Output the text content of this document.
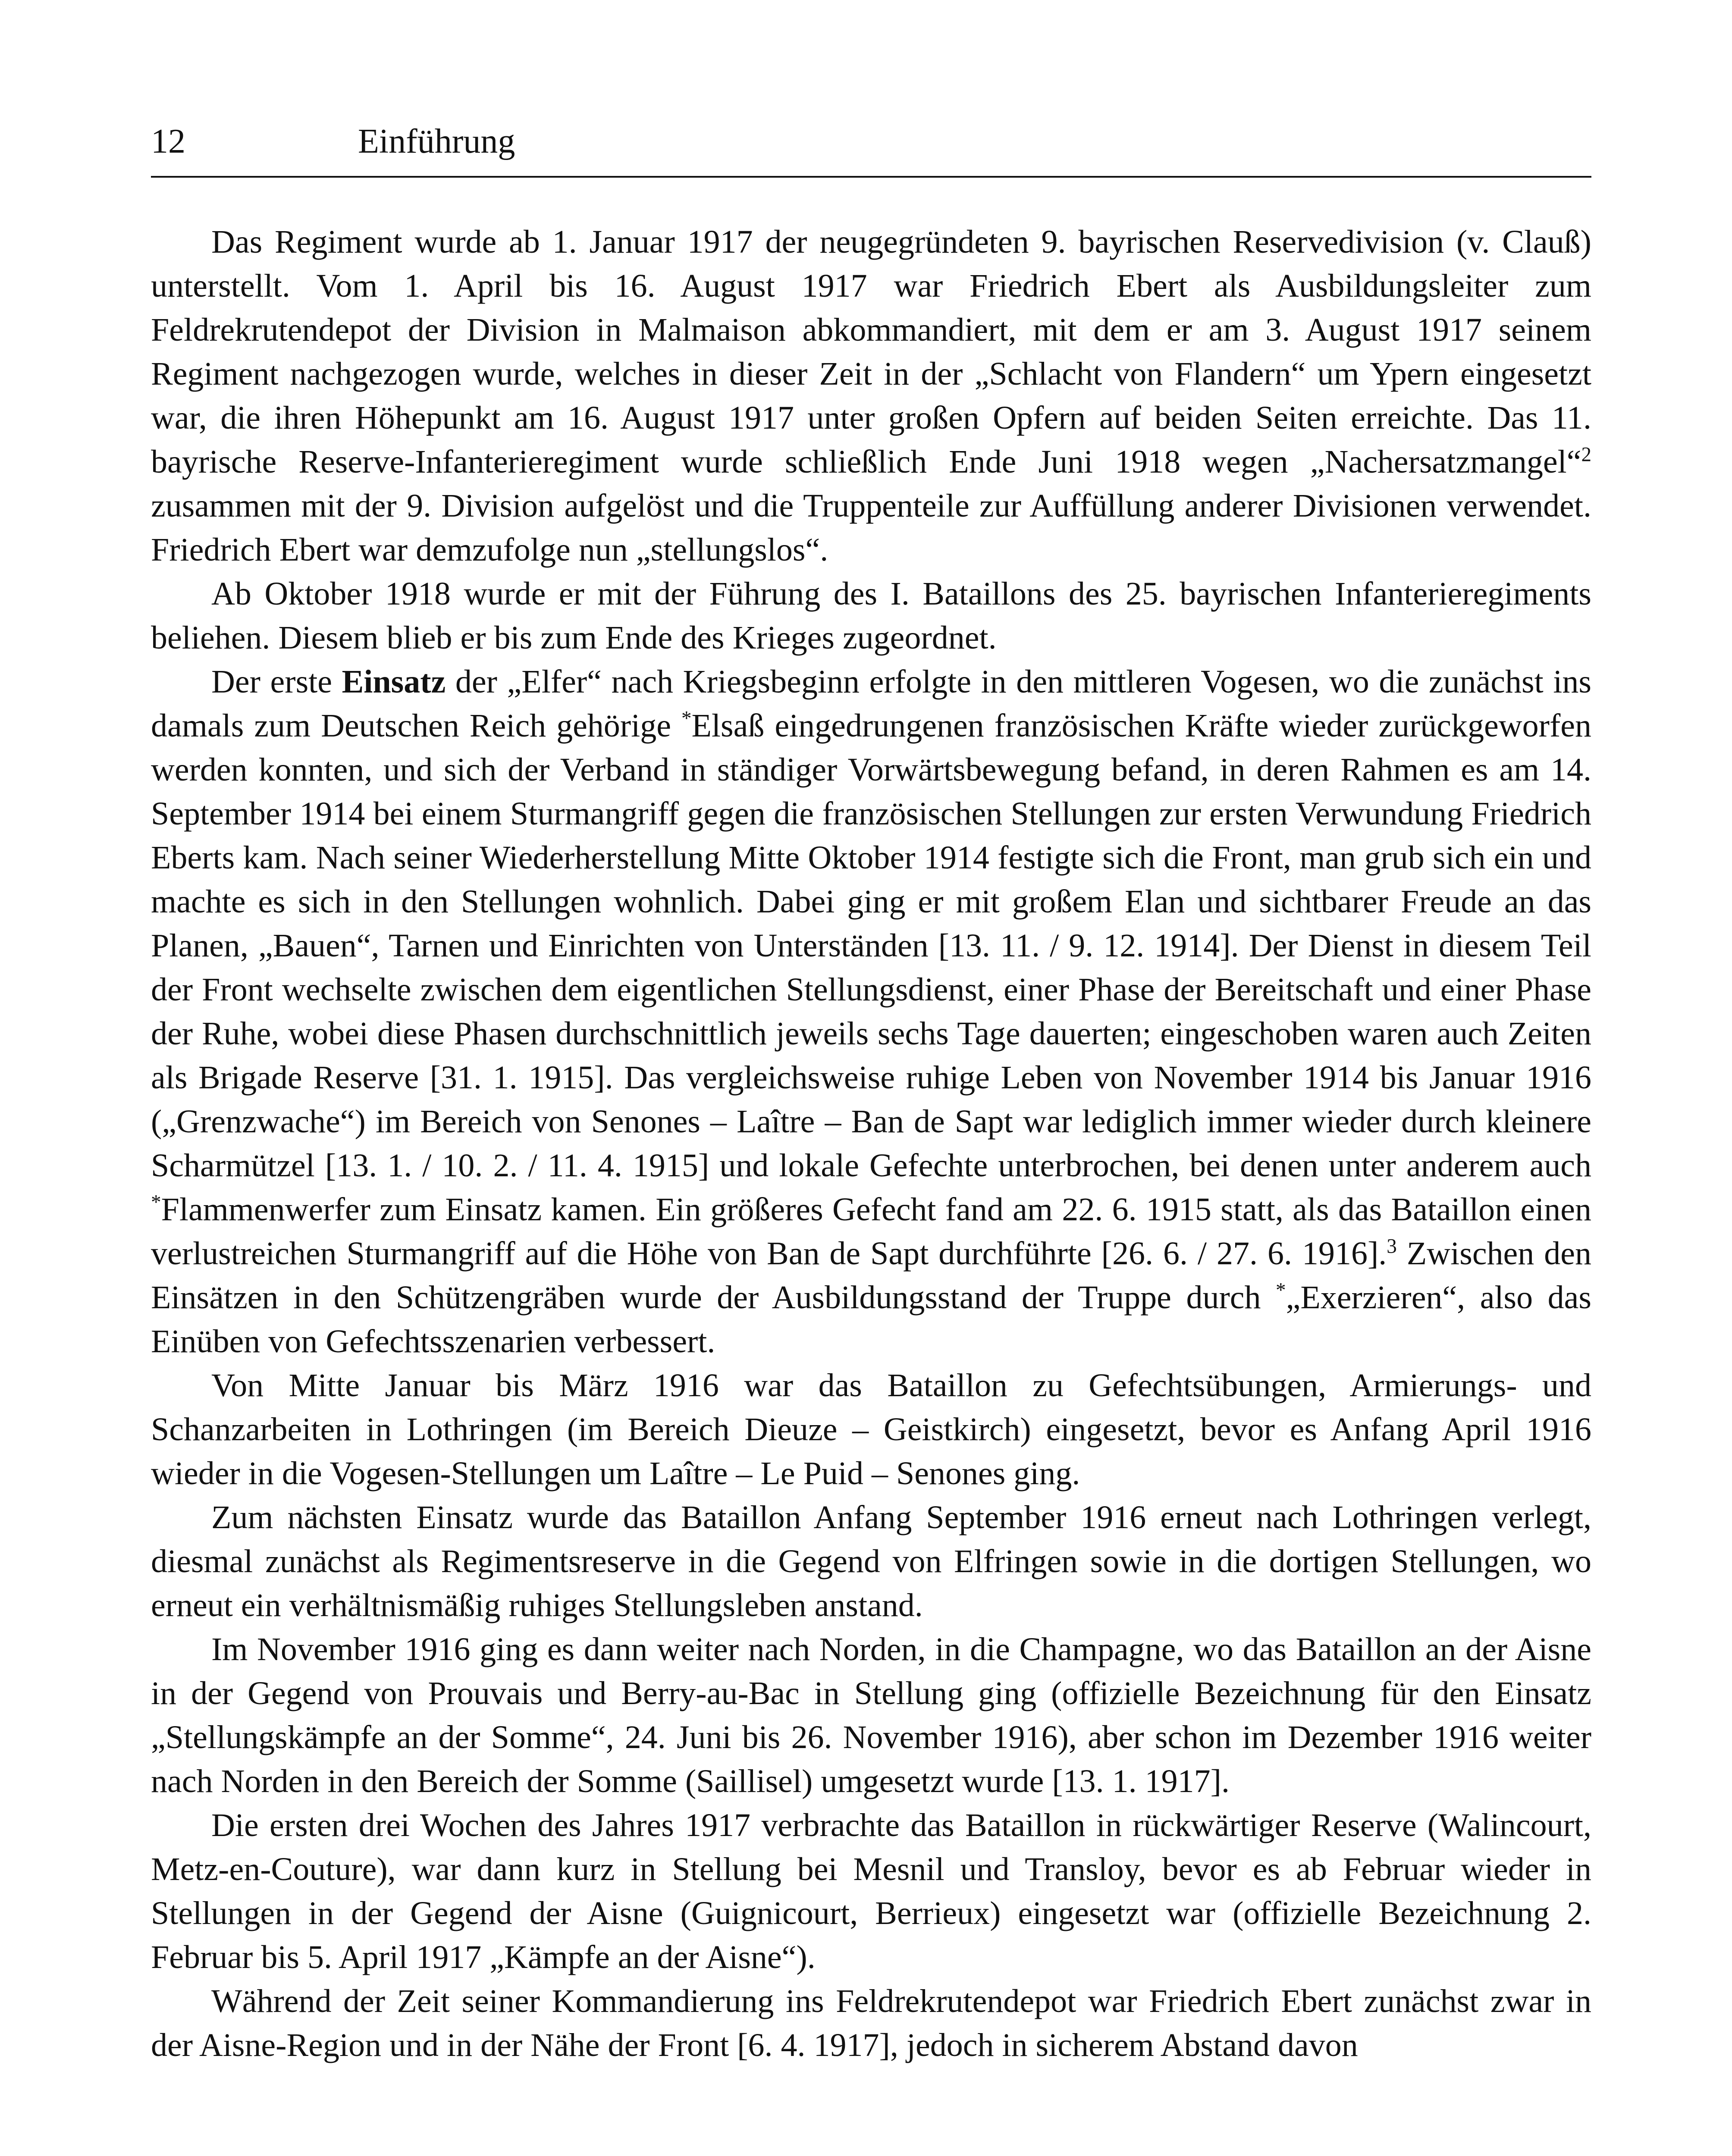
12	Einführung

Das Regiment wurde ab 1. Januar 1917 der neugegründeten 9. bayrischen Reservedivision (v. Clauß) unterstellt. Vom 1. April bis 16. August 1917 war Friedrich Ebert als Ausbildungsleiter zum Feldrekrutendepot der Division in Malmaison abkommandiert, mit dem er am 3. August 1917 seinem Regiment nachgezogen wurde, welches in dieser Zeit in der „Schlacht von Flandern“ um Ypern eingesetzt war, die ihren Höhepunkt am 16. August 1917 unter großen Opfern auf beiden Seiten erreichte. Das 11. bayrische Reserve-Infanterieregiment wurde schließlich Ende Juni 1918 wegen „Nachersatzmangel“$^2$ zusammen mit der 9. Division aufgelöst und die Truppenteile zur Auffüllung anderer Divisionen verwendet. Friedrich Ebert war demzufolge nun „stellungslos“.

Ab Oktober 1918 wurde er mit der Führung des I. Bataillons des 25. bayrischen Infanterieregiments beliehen. Diesem blieb er bis zum Ende des Krieges zugeordnet.

Der erste Einsatz der „Elfer“ nach Kriegsbeginn erfolgte in den mittleren Vogesen, wo die zunächst ins damals zum Deutschen Reich gehörige *Elsaß eingedrungenen französischen Kräfte wieder zurückgeworfen werden konnten, und sich der Verband in ständiger Vorwärtsbewegung befand, in deren Rahmen es am 14. September 1914 bei einem Sturmangriff gegen die französischen Stellungen zur ersten Verwundung Friedrich Eberts kam. Nach seiner Wiederherstellung Mitte Oktober 1914 festigte sich die Front, man grub sich ein und machte es sich in den Stellungen wohnlich. Dabei ging er mit großem Elan und sichtbarer Freude an das Planen, „Bauen“, Tarnen und Einrichten von Unterständen [13. 11. / 9. 12. 1914]. Der Dienst in diesem Teil der Front wechselte zwischen dem eigentlichen Stellungsdienst, einer Phase der Bereitschaft und einer Phase der Ruhe, wobei diese Phasen durchschnittlich jeweils sechs Tage dauerten; eingeschoben waren auch Zeiten als Brigade Reserve [31. 1. 1915]. Das vergleichsweise ruhige Leben von November 1914 bis Januar 1916 („Grenzwache“) im Bereich von Senones – Laître – Ban de Sapt war lediglich immer wieder durch kleinere Scharmützel [13. 1. / 10. 2. / 11. 4. 1915] und lokale Gefechte unterbrochen, bei denen unter anderem auch *Flammenwerfer zum Einsatz kamen. Ein größeres Gefecht fand am 22. 6. 1915 statt, als das Bataillon einen verlustreichen Sturmangriff auf die Höhe von Ban de Sapt durchführte [26. 6. / 27. 6. 1916].$^3$ Zwischen den Einsätzen in den Schützengräben wurde der Ausbildungsstand der Truppe durch *„Exerzieren“, also das Einüben von Gefechtsszenarien verbessert.

Von Mitte Januar bis März 1916 war das Bataillon zu Gefechtsübungen, Armierungs- und Schanzarbeiten in Lothringen (im Bereich Dieuze – Geistkirch) eingesetzt, bevor es Anfang April 1916 wieder in die Vogesen-Stellungen um Laître – Le Puid – Senones ging.

Zum nächsten Einsatz wurde das Bataillon Anfang September 1916 erneut nach Lothringen verlegt, diesmal zunächst als Regimentsreserve in die Gegend von Elfringen sowie in die dortigen Stellungen, wo erneut ein verhältnismäßig ruhiges Stellungsleben anstand.

Im November 1916 ging es dann weiter nach Norden, in die Champagne, wo das Bataillon an der Aisne in der Gegend von Prouvais und Berry-au-Bac in Stellung ging (offizielle Bezeichnung für den Einsatz „Stellungskämpfe an der Somme“, 24. Juni bis 26. November 1916), aber schon im Dezember 1916 weiter nach Norden in den Bereich der Somme (Saillisel) umgesetzt wurde [13. 1. 1917].

Die ersten drei Wochen des Jahres 1917 verbrachte das Bataillon in rückwärtiger Reserve (Walincourt, Metz-en-Couture), war dann kurz in Stellung bei Mesnil und Transloy, bevor es ab Februar wieder in Stellungen in der Gegend der Aisne (Guignicourt, Berrieux) eingesetzt war (offizielle Bezeichnung 2. Februar bis 5. April 1917 „Kämpfe an der Aisne“).

Während der Zeit seiner Kommandierung ins Feldrekrutendepot war Friedrich Ebert zunächst zwar in der Aisne-Region und in der Nähe der Front [6. 4. 1917], jedoch in sicherem Abstand davon
